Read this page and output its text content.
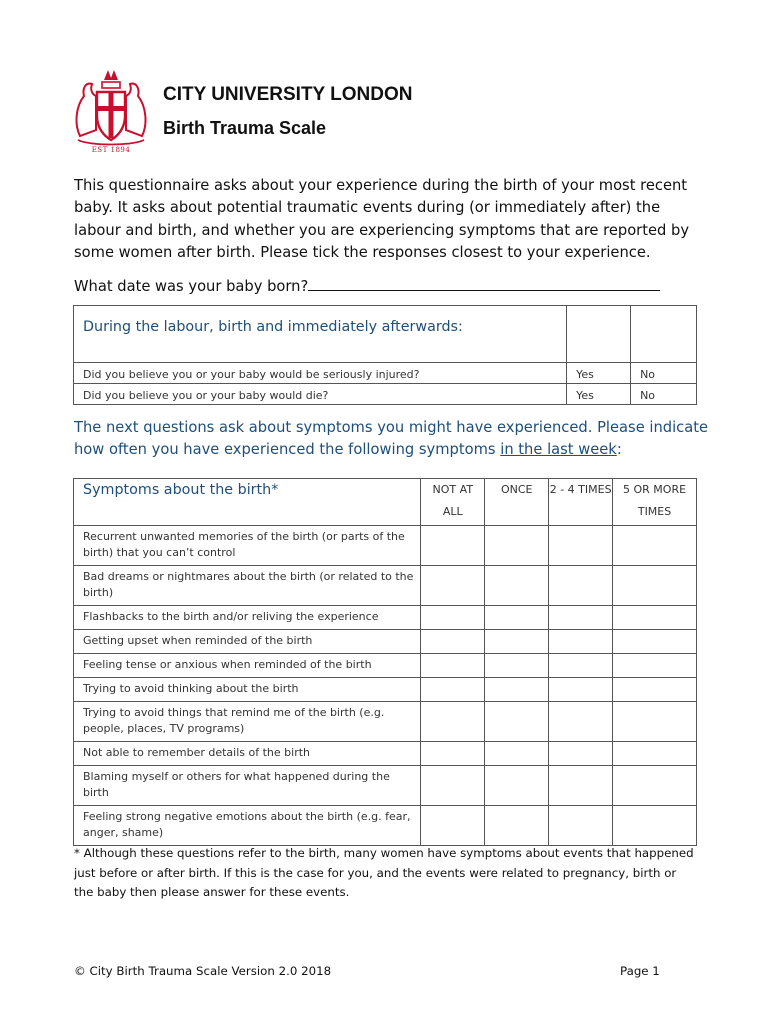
EST 1894
CITY UNIVERSITY LONDON
Birth Trauma Scale
This questionnaire asks about your experience during the birth of your most recent baby. It asks about potential traumatic events during (or immediately after) the labour and birth, and whether you are experiencing symptoms that are reported by some women after birth. Please tick the responses closest to your experience.
What date was your baby born?
During the labour, birth and immediately afterwards:		
Did you believe you or your baby would be seriously injured?	Yes	No
Did you believe you or your baby would die?	Yes	No
The next questions ask about symptoms you might have experienced. Please indicate how often you have experienced the following symptoms in the last week:
Symptoms about the birth*	NOT AT ALL	ONCE	2 - 4 TIMES	5 OR MORE TIMES
Recurrent unwanted memories of the birth (or parts of the birth) that you can’t control				
Bad dreams or nightmares about the birth (or related to the birth)				
Flashbacks to the birth and/or reliving the experience				
Getting upset when reminded of the birth				
Feeling tense or anxious when reminded of the birth				
Trying to avoid thinking about the birth				
Trying to avoid things that remind me of the birth (e.g. people, places, TV programs)				
Not able to remember details of the birth				
Blaming myself or others for what happened during the birth				
Feeling strong negative emotions about the birth (e.g. fear, anger, shame)				
* Although these questions refer to the birth, many women have symptoms about events that happened just before or after birth. If this is the case for you, and the events were related to pregnancy, birth or the baby then please answer for these events.
© City Birth Trauma Scale Version 2.0 2018	Page 1
